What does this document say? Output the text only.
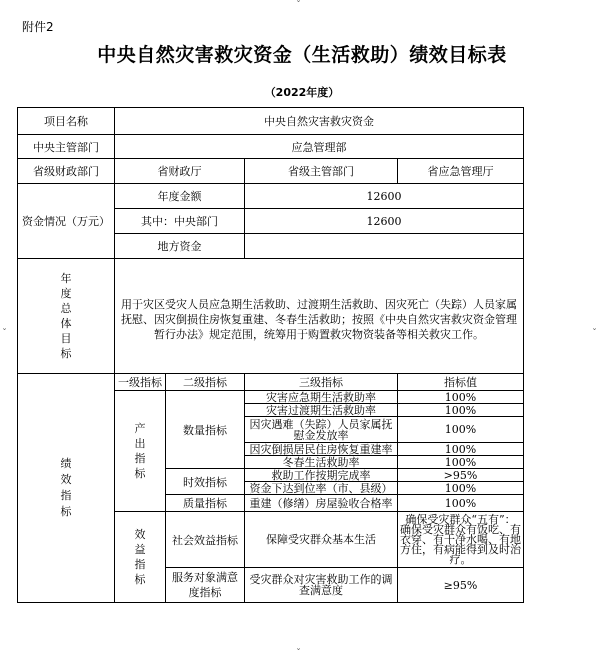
附件2
中央自然灾害救灾资金（生活救助）绩效目标表
（2022年度）
ˇ
ˇ	ˇ
ˇ
项目名称	中央自然灾害救灾资金			
中央主管部门	应急管理部			
省级财政部门	省财政厅		省级主管部门	省应急管理厅
资金情况（万元）	年度金额		12600	
	其中：中央部门		12600	
	地方资金			
年度总体目标	用于灾区受灾人员应急期生活救助、过渡期生活救助、因灾死亡（失踪）人员家属抚慰、因灾倒损住房恢复重建、冬春生活救助；按照《中央自然灾害救灾资金管理暂行办法》规定范围，统筹用于购置救灾物资装备等相关救灾工作。			

绩效指标	一级指标	二级指标	三级指标	指标值
	产出指标	数量指标	灾害应急期生活救助率	100%
			灾害过渡期生活救助率	100%
			因灾遇难（失踪）人员家属抚慰金发放率	100%
			因灾倒损居民住房恢复重建率	100%
			冬春生活救助率	100%
		时效指标	救助工作按期完成率	>95%
			资金下达到位率（市、县级）	100%
		质量指标	重建（修缮）房屋验收合格率	100%
	效益指标	社会效益指标	保障受灾群众基本生活	确保受灾群众“五有”：确保受灾群众有饭吃、有衣穿、有干净水喝、有地方住，有病能得到及时治疗。
		服务对象满意度指标	受灾群众对灾害救助工作的调查满意度	≥95%
